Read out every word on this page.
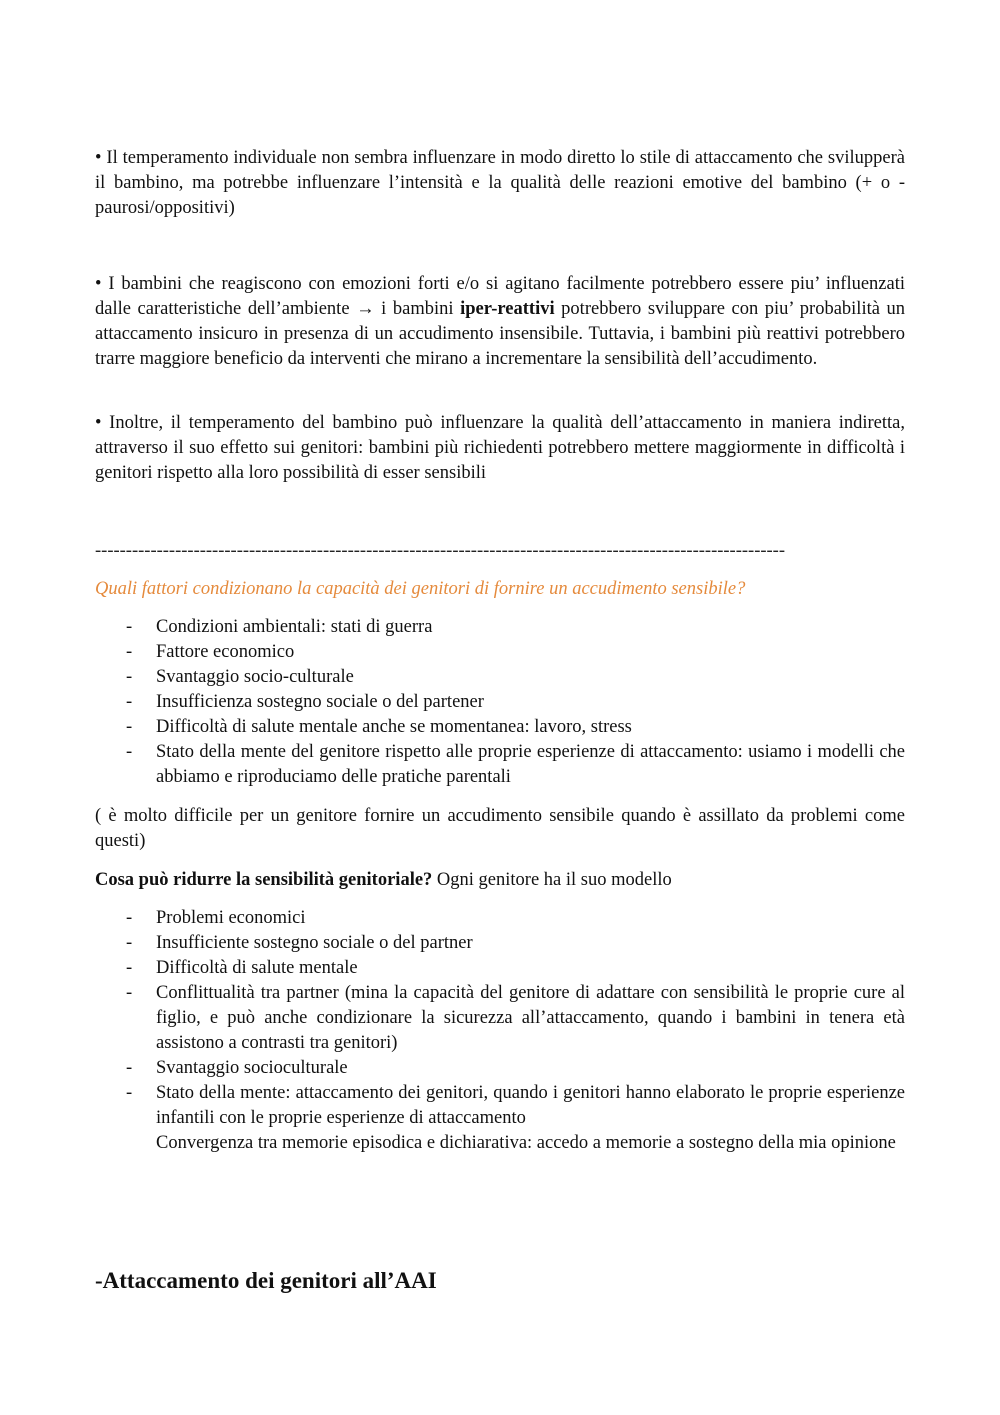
• Il temperamento individuale non sembra influenzare in modo diretto lo stile di attaccamento che svilupperà il bambino, ma potrebbe influenzare l’intensità e la qualità delle reazioni emotive del bambino (+ o - paurosi/oppositivi)

• I bambini che reagiscono con emozioni forti e/o si agitano facilmente potrebbero essere piu’ influenzati dalle caratteristiche dell’ambiente → i bambini iper-reattivi potrebbero sviluppare con piu’ probabilità un attaccamento insicuro in presenza di un accudimento insensibile. Tuttavia, i bambini più reattivi potrebbero trarre maggiore beneficio da interventi che mirano a incrementare la sensibilità dell’accudimento.

• Inoltre, il temperamento del bambino può influenzare la qualità dell’attaccamento in maniera indiretta, attraverso il suo effetto sui genitori: bambini più richiedenti potrebbero mettere maggiormente in difficoltà i genitori rispetto alla loro possibilità di esser sensibili

----------------------------------------------------------------------------------------------------------------
Quali fattori condizionano la capacità dei genitori di fornire un accudimento sensibile?
- Condizioni ambientali: stati di guerra
- Fattore economico
- Svantaggio socio-culturale
- Insufficienza sostegno sociale o del partener
- Difficoltà di salute mentale anche se momentanea: lavoro, stress
- Stato della mente del genitore rispetto alle proprie esperienze di attaccamento: usiamo i modelli che abbiamo e riproduciamo delle pratiche parentali

( è molto difficile per un genitore fornire un accudimento sensibile quando è assillato da problemi come questi)

Cosa può ridurre la sensibilità genitoriale? Ogni genitore ha il suo modello

- Problemi economici
- Insufficiente sostegno sociale o del partner
- Difficoltà di salute mentale
- Conflittualità tra partner (mina la capacità del genitore di adattare con sensibilità le proprie cure al figlio, e può anche condizionare la sicurezza all’attaccamento, quando i bambini in tenera età assistono a contrasti tra genitori)
- Svantaggio socioculturale
- Stato della mente: attaccamento dei genitori, quando i genitori hanno elaborato le proprie esperienze infantili con le proprie esperienze di attaccamento
Convergenza tra memorie episodica e dichiarativa: accedo a memorie a sostegno della mia opinione
-Attaccamento dei genitori all’AAI
